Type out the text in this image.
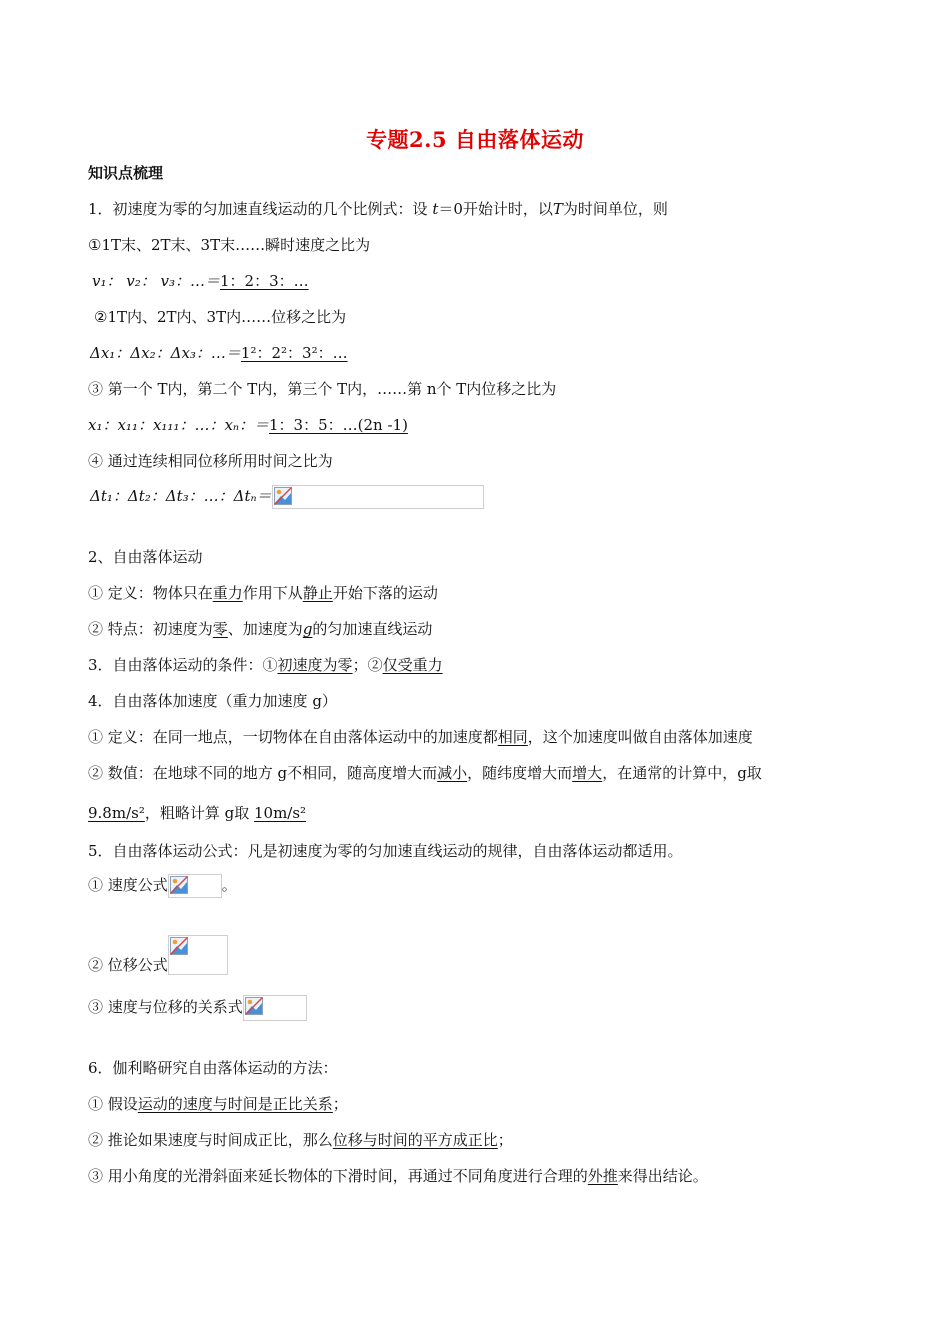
专题2.5 自由落体运动
知识点梳理
1．初速度为零的匀加速直线运动的几个比例式：设 t＝0开始计时，以T为时间单位，则
①1T末、2T末、3T末……瞬时速度之比为
v₁： v₂： v₃：…＝1：2：3：…
②1T内、2T内、3T内……位移之比为
Δx₁：Δx₂：Δx₃：…＝1²：2²：3²：…
③ 第一个 T内，第二个 T内，第三个 T内，……第 n个 T内位移之比为
x₁：x₁₁：x₁₁₁：…：xₙ：＝1：3：5：…(2n -1)
④ 通过连续相同位移所用时间之比为
Δt₁：Δt₂：Δt₃：…：Δtₙ＝
2、自由落体运动
① 定义：物体只在重力作用下从静止开始下落的运动
② 特点：初速度为零、加速度为g的匀加速直线运动
3．自由落体运动的条件：①初速度为零；②仅受重力
4．自由落体加速度（重力加速度 g）
① 定义：在同一地点，一切物体在自由落体运动中的加速度都相同，这个加速度叫做自由落体加速度
② 数值：在地球不同的地方 g不相同，随高度增大而减小，随纬度增大而增大，在通常的计算中，g取
9.8m/s²，粗略计算 g取 10m/s²
5．自由落体运动公式：凡是初速度为零的匀加速直线运动的规律，自由落体运动都适用。
① 速度公式	。
② 位移公式
③ 速度与位移的关系式
6．伽利略研究自由落体运动的方法：
① 假设运动的速度与时间是正比关系；
② 推论如果速度与时间成正比，那么位移与时间的平方成正比；
③ 用小角度的光滑斜面来延长物体的下滑时间，再通过不同角度进行合理的外推来得出结论。
